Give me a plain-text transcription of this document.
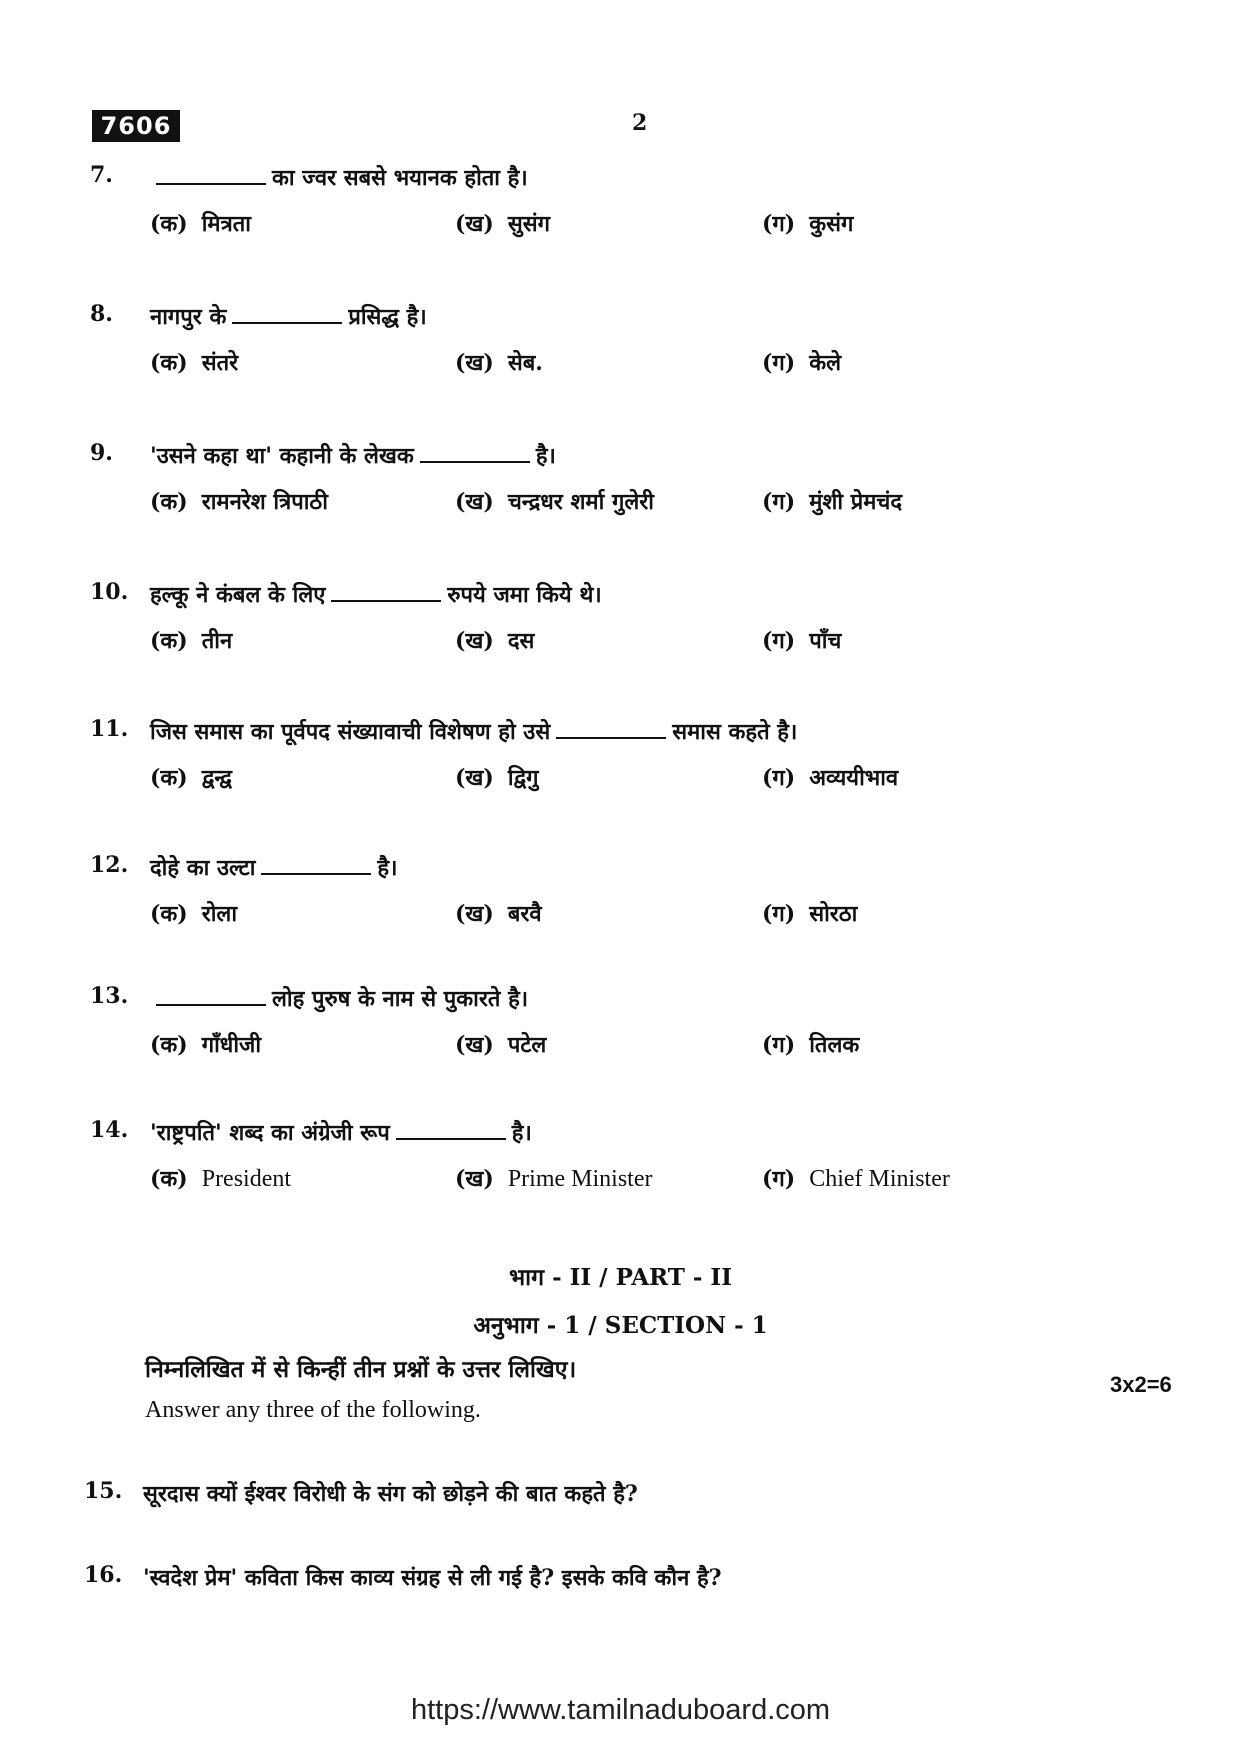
7606	2
7.	का ज्वर सबसे भयानक होता है।
(क) मित्रता	(ख) सुसंग	(ग) कुसंग
8. नागपुर के	प्रसिद्ध है।
(क) संतरे	(ख) सेब.	(ग) केले
9. 'उसने कहा था' कहानी के लेखक	है।
(क) रामनरेश त्रिपाठी	(ख) चन्द्रधर शर्मा गुलेरी	(ग) मुंशी प्रेमचंद
10. हल्कू ने कंबल के लिए	रुपये जमा किये थे।
(क) तीन	(ख) दस	(ग) पाँच
11. जिस समास का पूर्वपद संख्यावाची विशेषण हो उसे	समास कहते है।
(क) द्वन्द्व	(ख) द्विगु	(ग) अव्ययीभाव
12. दोहे का उल्टा	है।
(क) रोला	(ख) बरवै	(ग) सोरठा
13.	लोह पुरुष के नाम से पुकारते है।
(क) गाँधीजी	(ख) पटेल	(ग) तिलक
14. 'राष्ट्रपति' शब्द का अंग्रेजी रूप	है।
(क) President	(ख) Prime Minister	(ग) Chief Minister
भाग - II / PART - II
अनुभाग - 1 / SECTION - 1
निम्नलिखित में से किन्हीं तीन प्रश्नों के उत्तर लिखिए।
Answer any three of the following.
3x2=6
15. सूरदास क्यों ईश्वर विरोधी के संग को छोड़ने की बात कहते है?
16. 'स्वदेश प्रेम' कविता किस काव्य संग्रह से ली गई है? इसके कवि कौन है?
https://www.tamilnaduboard.com
